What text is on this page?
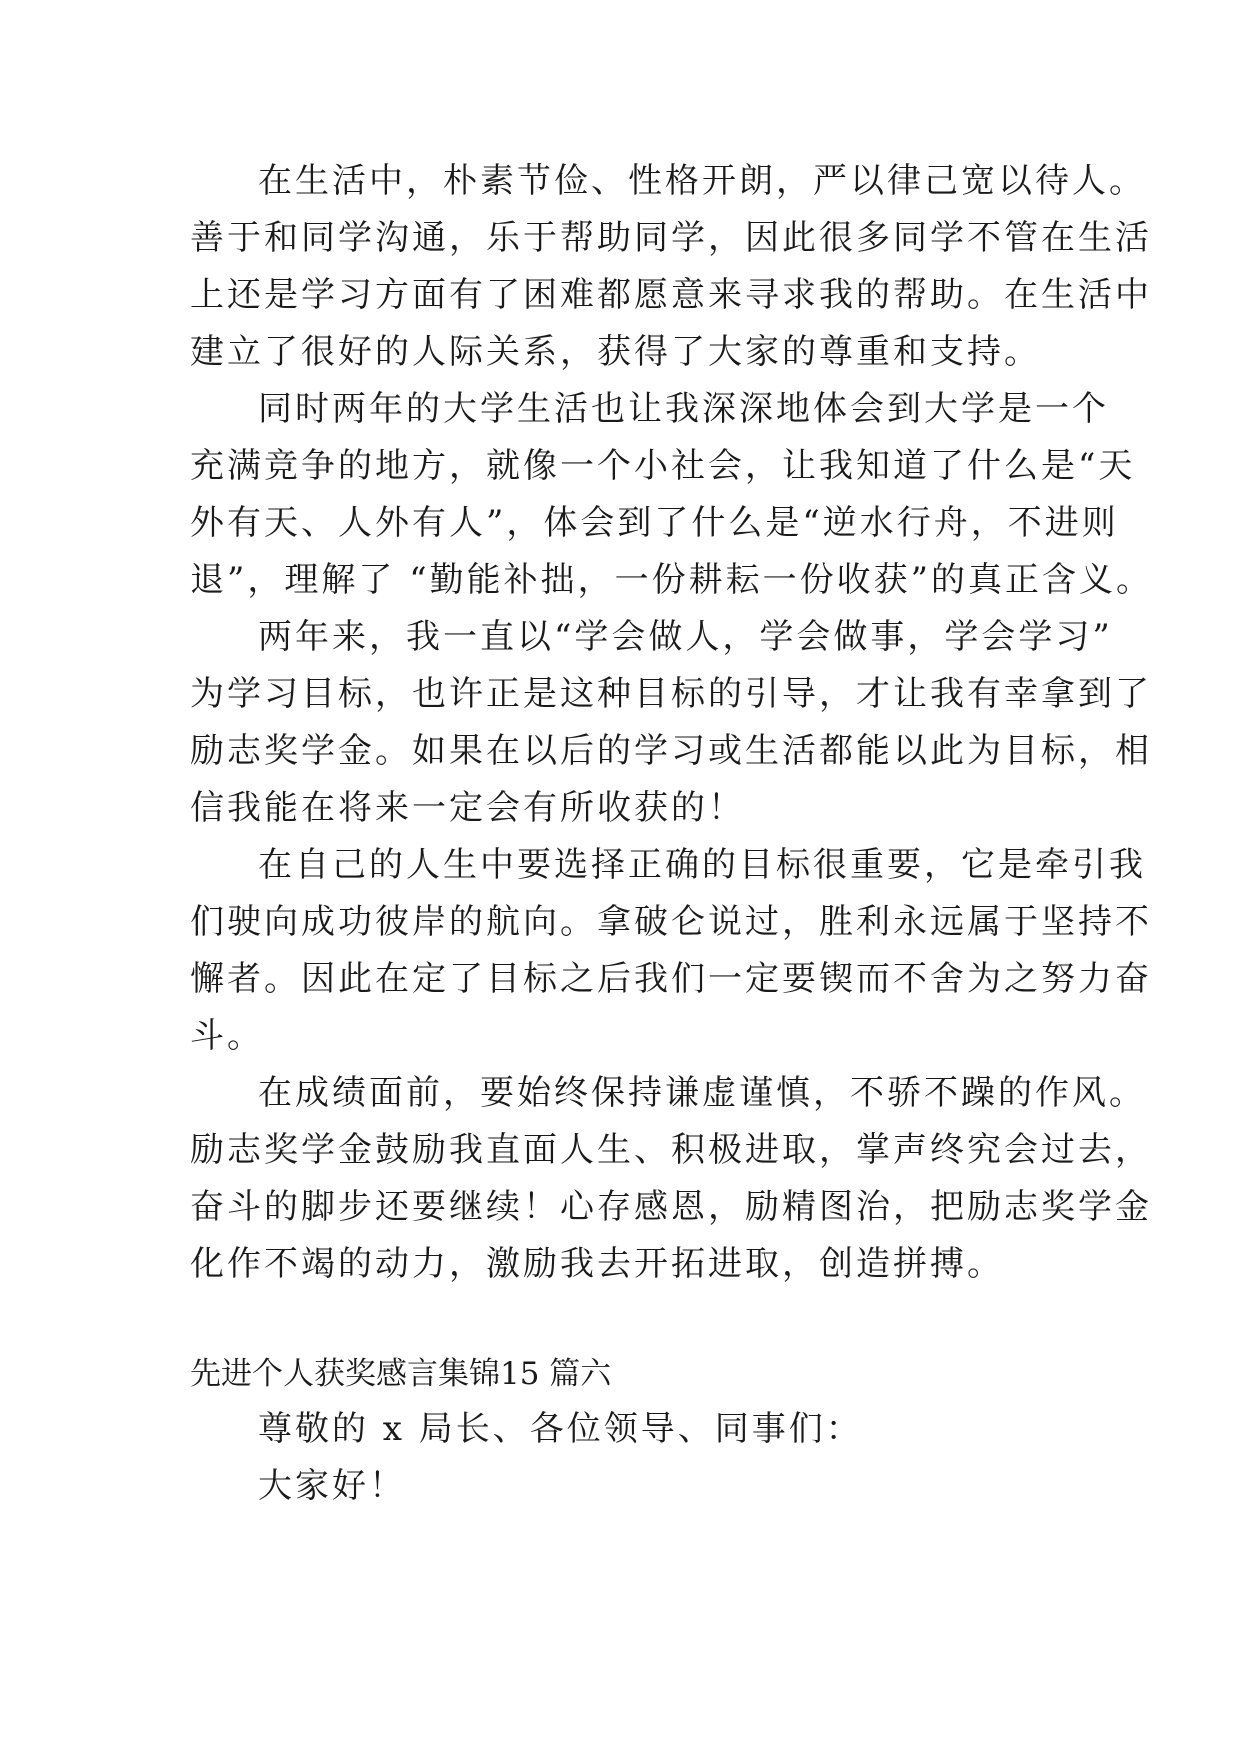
在生活中，朴素节俭、性格开朗，严以律己宽以待人。
善于和同学沟通，乐于帮助同学，因此很多同学不管在生活
上还是学习方面有了困难都愿意来寻求我的帮助。在生活中
建立了很好的人际关系，获得了大家的尊重和支持。
同时两年的大学生活也让我深深地体会到大学是一个
充满竞争的地方，就像一个小社会，让我知道了什么是“天
外有天、人外有人”，体会到了什么是“逆水行舟，不进则
退”，理解了 “勤能补拙，一份耕耘一份收获”的真正含义。
两年来，我一直以“学会做人，学会做事，学会学习”
为学习目标，也许正是这种目标的引导，才让我有幸拿到了
励志奖学金。如果在以后的学习或生活都能以此为目标，相
信我能在将来一定会有所收获的！
在自己的人生中要选择正确的目标很重要，它是牵引我
们驶向成功彼岸的航向。拿破仑说过，胜利永远属于坚持不
懈者。因此在定了目标之后我们一定要锲而不舍为之努力奋
斗。
在成绩面前，要始终保持谦虚谨慎，不骄不躁的作风。
励志奖学金鼓励我直面人生、积极进取，掌声终究会过去，
奋斗的脚步还要继续！心存感恩，励精图治，把励志奖学金
化作不竭的动力，激励我去开拓进取，创造拼搏。
先进个人获奖感言集锦15 篇六
尊敬的 x 局长、各位领导、同事们：
大家好！
